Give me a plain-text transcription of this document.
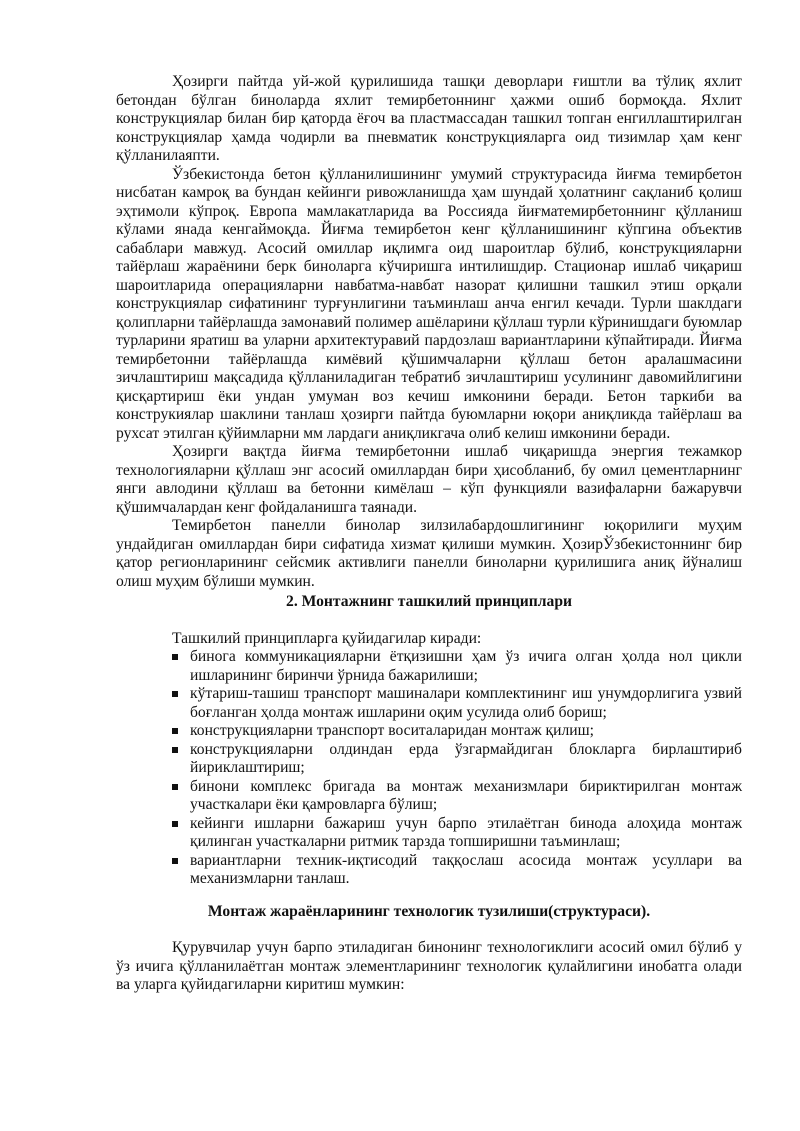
Ҳозирги пайтда уй-жой қурилишида ташқи деворлари ғиштли ва тўлиқ яхлит бетондан бўлган биноларда яхлит темирбетоннинг ҳажми ошиб бормоқда. Яхлит конструкциялар билан бир қаторда ёғоч ва пластмассадан ташкил топган енгиллаштирилган конструкциялар ҳамда чодирли ва пневматик конструкцияларга оид тизимлар ҳам кенг қўлланилаяпти.

Ўзбекистонда бетон қўлланилишининг умумий структурасида йиғма темирбетон нисбатан камроқ ва бундан кейинги ривожланишда ҳам шундай ҳолатнинг сақланиб қолиш эҳтимоли кўпроқ. Европа мамлакатларида ва Россияда йиғматемирбетоннинг қўлланиш кўлами янада кенгаймоқда. Йиғма темирбетон кенг қўлланишининг кўпгина объектив сабаблари мавжуд. Асосий омиллар иқлимга оид шароитлар бўлиб, конструкцияларни тайёрлаш жараёнини берк биноларга кўчиришга интилишдир. Стационар ишлаб чиқариш шароитларида операцияларни навбатма-навбат назорат қилишни ташкил этиш орқали конструкциялар сифатининг турғунлигини таъминлаш анча енгил кечади. Турли шаклдаги қолипларни тайёрлашда замонавий полимер ашёларини қўллаш турли кўринишдаги буюмлар турларини яратиш ва уларни архитектуравий пардозлаш вариантларини кўпайтиради. Йиғма темирбетонни тайёрлашда кимёвий қўшимчаларни қўллаш бетон аралашмасини зичлаштириш мақсадида қўлланиладиган тебратиб зичлаштириш усулининг давомийлигини қисқартириш ёки ундан умуман воз кечиш имконини беради. Бетон таркиби ва конструкиялар шаклини танлаш ҳозирги пайтда буюмларни юқори аниқликда тайёрлаш ва рухсат этилган қўйимларни мм лардаги аниқликгача олиб келиш имконини беради.

Ҳозирги вақтда йиғма темирбетонни ишлаб чиқаришда энергия тежамкор технологияларни қўллаш энг асосий омиллардан бири ҳисобланиб, бу омил цементларнинг янги авлодини қўллаш ва бетонни кимёлаш – кўп функцияли вазифаларни бажарувчи қўшимчалардан кенг фойдаланишга таянади.

Темирбетон панелли бинолар зилзилабардошлигининг юқорилиги муҳим ундайдиган омиллардан бири сифатида хизмат қилиши мумкин. ҲозирЎзбекистоннинг бир қатор регионларининг сейсмик активлиги панелли биноларни қурилишига аниқ йўналиш олиш муҳим бўлиши мумкин.

2. Монтажнинг ташкилий принциплари

Ташкилий принципларга қуйидагилар киради:

бинога коммуникацияларни ётқизишни ҳам ўз ичига олган ҳолда нол цикли ишларининг биринчи ўрнида бажарилиши;
кўтариш-ташиш транспорт машиналари комплектининг иш унумдорлигига узвий боғланган ҳолда монтаж ишларини оқим усулида олиб бориш;
конструкцияларни транспорт воситаларидан монтаж қилиш;
конструкцияларни олдиндан ерда ўзгармайдиган блокларга бирлаштириб йириклаштириш;
бинони комплекс бригада ва монтаж механизмлари бириктирилган монтаж участкалари ёки қамровларга бўлиш;
кейинги ишларни бажариш учун барпо этилаётган бинода алоҳида монтаж қилинган участкаларни ритмик тарзда топширишни таъминлаш;
вариантларни техник-иқтисодий таққослаш асосида монтаж усуллари ва механизмларни танлаш.

Монтаж жараёнларининг технологик тузилиши(структураси).

Қурувчилар учун барпо этиладиган бинонинг технологиклиги асосий омил бўлиб у ўз ичига қўлланилаётган монтаж элементларининг технологик қулайлигини инобатга олади ва уларга қуйидагиларни киритиш мумкин:
